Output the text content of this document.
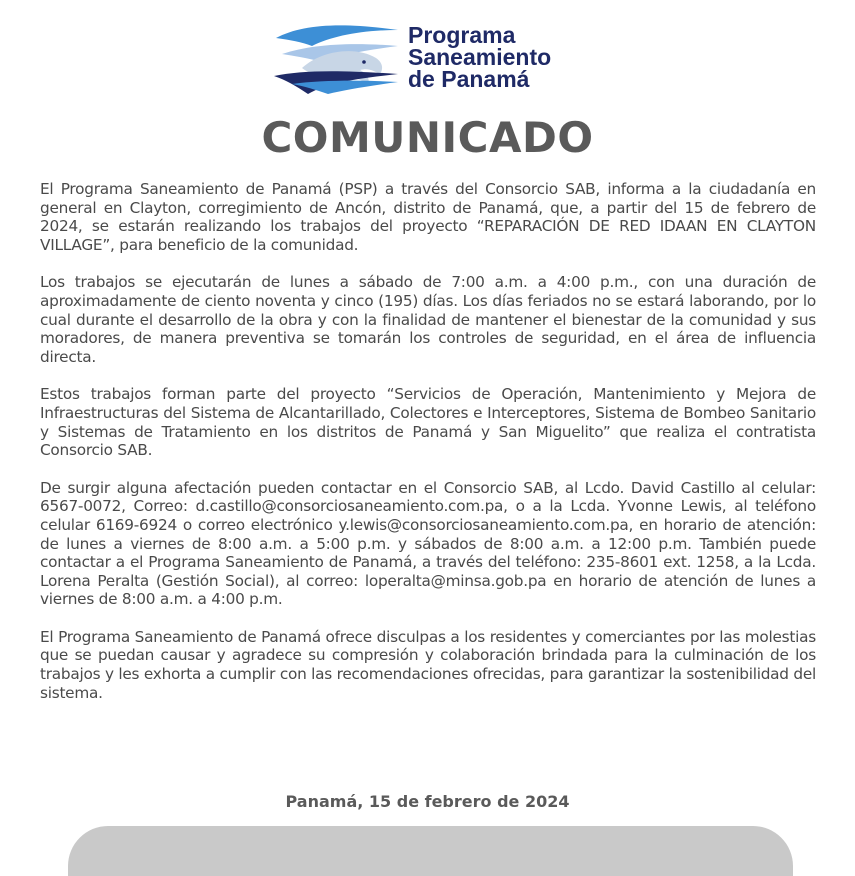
Programa
Saneamiento
de Panamá
COMUNICADO

El Programa Saneamiento de Panamá (PSP) a través del Consorcio SAB, informa a la ciudadanía en general en Clayton, corregimiento de Ancón, distrito de Panamá, que, a partir del 15 de febrero de 2024, se estarán realizando los trabajos del proyecto “REPARACIÓN DE RED IDAAN EN CLAYTON VILLAGE”, para beneficio de la comunidad.

Los trabajos se ejecutarán de lunes a sábado de 7:00 a.m. a 4:00 p.m., con una duración de aproximadamente de ciento noventa y cinco (195) días. Los días feriados no se estará laborando, por lo cual durante el desarrollo de la obra y con la finalidad de mantener el bienestar de la comunidad y sus moradores, de manera preventiva se tomarán los controles de seguridad, en el área de influencia directa.

Estos trabajos forman parte del proyecto “Servicios de Operación, Mantenimiento y Mejora de Infraestructuras del Sistema de Alcantarillado, Colectores e Interceptores, Sistema de Bombeo Sanitario y Sistemas de Tratamiento en los distritos de Panamá y San Miguelito” que realiza el contratista Consorcio SAB.

De surgir alguna afectación pueden contactar en el Consorcio SAB, al Lcdo. David Castillo al celular: 6567-0072, Correo: d.castillo@consorciosaneamiento.com.pa, o a la Lcda. Yvonne Lewis, al teléfono celular 6169-6924 o correo electrónico y.lewis@consorciosaneamiento.com.pa, en horario de atención: de lunes a viernes de 8:00 a.m. a 5:00 p.m. y sábados de 8:00 a.m. a 12:00 p.m. También puede contactar a el Programa Saneamiento de Panamá, a través del teléfono: 235-8601 ext. 1258, a la Lcda. Lorena Peralta (Gestión Social), al correo: loperalta@minsa.gob.pa en horario de atención de lunes a viernes de 8:00 a.m. a 4:00 p.m.

El Programa Saneamiento de Panamá ofrece disculpas a los residentes y comerciantes por las molestias que se puedan causar y agradece su compresión y colaboración brindada para la culminación de los trabajos y les exhorta a cumplir con las recomendaciones ofrecidas, para garantizar la sostenibilidad del sistema.

Panamá, 15 de febrero de 2024
